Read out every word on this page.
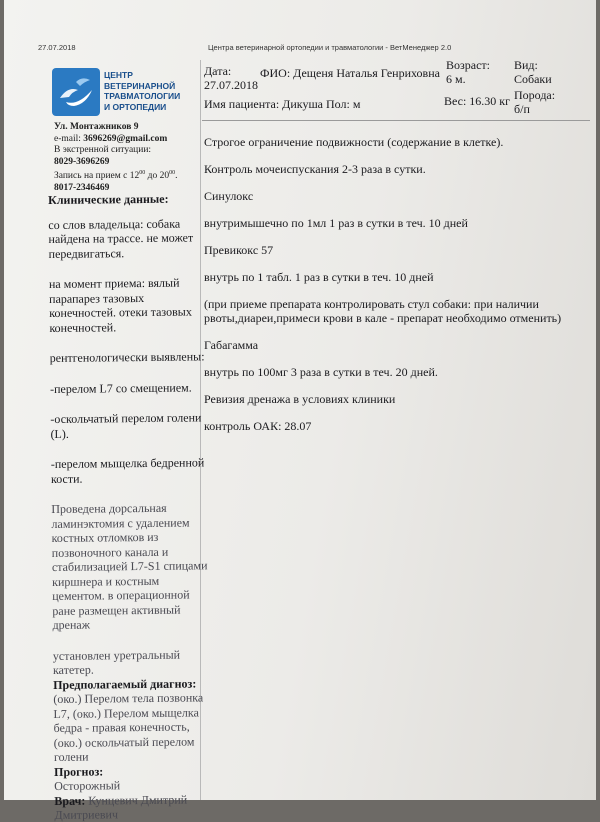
27.07.2018	Центра ветеринарной ортопедии и травматологии - ВетМенеджер 2.0
ЦЕНТР
ВЕТЕРИНАРНОЙ
ТРАВМАТОЛОГИИ
И ОРТОПЕДИИ
Ул. Монтажников 9
e-mail: 3696269@gmail.com
В экстренной ситуации:
8029-3696269
Запись на прием с $12^{00}$ до $20^{00}$.
8017-2346469
Дата:
27.07.2018
ФИО: Дещеня Наталья Генриховна
Возраст:
6 м.
Вид:
Собаки
Имя пациента: Дикуша Пол: м	Вес: 16.30 кг Порода:
б/п

Клинические данные:

со слов владельца: собака найдена на трассе. не может передвигаться.

на момент приема: вялый парапарез тазовых конечностей. отеки тазовых конечностей.

рентгенологически выявлены:

-перелом L7 со смещением.

-оскольчатый перелом голени (L).

-перелом мыщелка бедренной кости.

Проведена дорсальная ламинэктомия с удалением костных отломков из позвоночного канала и стабилизацией L7-S1 спицами киршнера и костным цементом. в операционной ране размещен активный дренаж

установлен уретральный катетер.

Предполагаемый диагноз:

(око.) Перелом тела позвонка L7, (око.) Перелом мыщелка бедра - правая конечность, (око.) оскольчатый перелом голени

Прогноз:

Осторожный

Врач: Кунцевич Дмитрий Дмитриевич

Строгое ограничение подвижности (содержание в клетке).

Контроль мочеиспускания 2-3 раза в сутки.

Синулокс

внутримышечно по 1мл 1 раз в сутки в теч. 10 дней

Превикокс 57

внутрь по 1 табл. 1 раз в сутки в теч. 10 дней

(при приеме препарата контролировать стул собаки: при наличии рвоты,диареи,примеси крови в кале - препарат необходимо отменить)

Габагамма

внутрь по 100мг 3 раза в сутки в теч. 20 дней.

Ревизия дренажа в условиях клиники

контроль ОАК: 28.07
